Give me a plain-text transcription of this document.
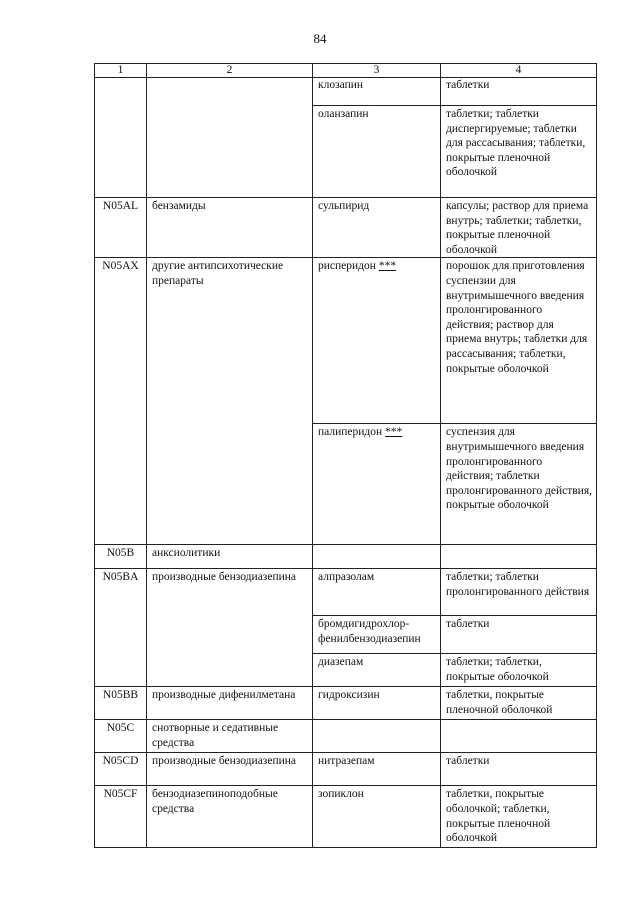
84
1	2	3	4
		клозапин	таблетки
		оланзапин	таблетки; таблетки диспергируемые; таблетки для рассасывания; таблетки, покрытые пленочной оболочкой
N05AL	бензамиды	сульпирид	капсулы; раствор для приема внутрь; таблетки; таблетки, покрытые пленочной оболочкой
N05AX	другие антипсихотические препараты	рисперидон ***	порошок для приготовления суспензии для внутримышечного введения пролонгированного действия; раствор для приема внутрь; таблетки для рассасывания; таблетки, покрытые оболочкой
		палиперидон ***	суспензия для внутримышечного введения пролонгированного действия; таблетки пролонгированного действия, покрытые оболочкой
N05B	анксиолитики		
N05BA	производные бензодиазепина	алпразолам	таблетки; таблетки пролонгированного действия
		бромдигидрохлор-фенилбензодиазепин	таблетки
		диазепам	таблетки; таблетки, покрытые оболочкой
N05BB	производные дифенилметана	гидроксизин	таблетки, покрытые пленочной оболочкой
N05C	снотворные и седативные средства		
N05CD	производные бензодиазепина	нитразепам	таблетки
N05CF	бензодиазепиноподобные средства	зопиклон	таблетки, покрытые оболочкой; таблетки, покрытые пленочной оболочкой
